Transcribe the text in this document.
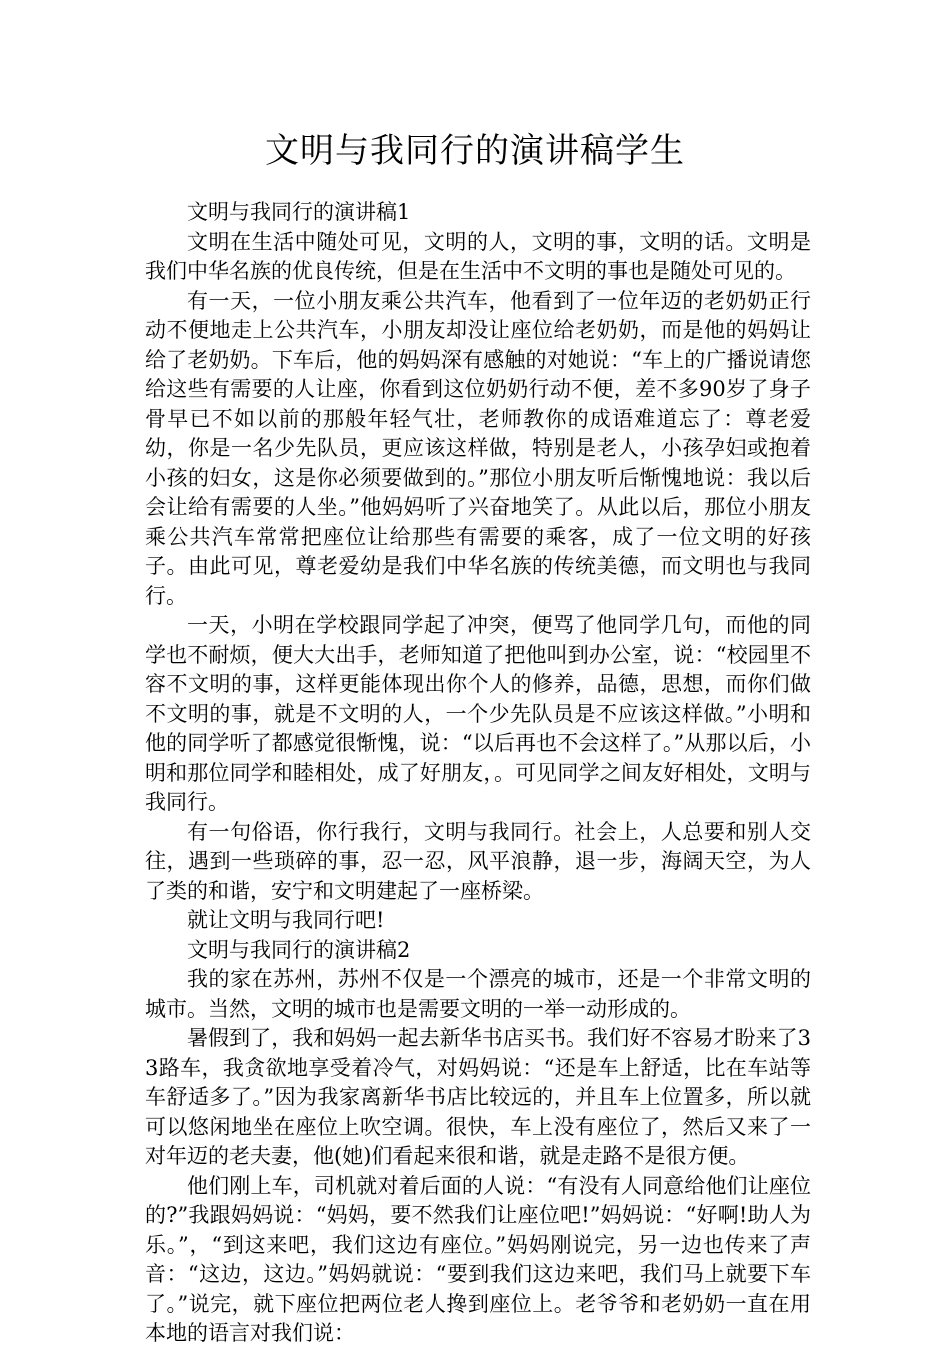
文明与我同行的演讲稿学生

文明与我同行的演讲稿1

文明在生活中随处可见，文明的人，文明的事，文明的话。文明是我们中华名族的优良传统，但是在生活中不文明的事也是随处可见的。

有一天，一位小朋友乘公共汽车，他看到了一位年迈的老奶奶正行动不便地走上公共汽车，小朋友却没让座位给老奶奶，而是他的妈妈让给了老奶奶。下车后，他的妈妈深有感触的对她说：“车上的广播说请您给这些有需要的人让座，你看到这位奶奶行动不便，差不多90岁了身子骨早已不如以前的那般年轻气壮，老师教你的成语难道忘了：尊老爱幼，你是一名少先队员，更应该这样做，特别是老人，小孩孕妇或抱着小孩的妇女，这是你必须要做到的。”那位小朋友听后惭愧地说：我以后会让给有需要的人坐。”他妈妈听了兴奋地笑了。从此以后，那位小朋友乘公共汽车常常把座位让给那些有需要的乘客，成了一位文明的好孩子。由此可见，尊老爱幼是我们中华名族的传统美德，而文明也与我同行。

一天，小明在学校跟同学起了冲突，便骂了他同学几句，而他的同学也不耐烦，便大大出手，老师知道了把他叫到办公室，说：“校园里不容不文明的事，这样更能体现出你个人的修养，品德，思想，而你们做不文明的事，就是不文明的人，一个少先队员是不应该这样做。”小明和他的同学听了都感觉很惭愧，说：“以后再也不会这样了。”从那以后，小明和那位同学和睦相处，成了好朋友，。可见同学之间友好相处，文明与我同行。

有一句俗语，你行我行，文明与我同行。社会上，人总要和别人交往，遇到一些琐碎的事，忍一忍，风平浪静，退一步，海阔天空，为人了类的和谐，安宁和文明建起了一座桥梁。

就让文明与我同行吧!

文明与我同行的演讲稿2

我的家在苏州，苏州不仅是一个漂亮的城市，还是一个非常文明的城市。当然，文明的城市也是需要文明的一举一动形成的。

暑假到了，我和妈妈一起去新华书店买书。我们好不容易才盼来了33路车，我贪欲地享受着冷气，对妈妈说：“还是车上舒适，比在车站等车舒适多了。”因为我家离新华书店比较远的，并且车上位置多，所以就可以悠闲地坐在座位上吹空调。很快，车上没有座位了，然后又来了一对年迈的老夫妻，他(她)们看起来很和谐，就是走路不是很方便。

他们刚上车，司机就对着后面的人说：“有没有人同意给他们让座位的?”我跟妈妈说：“妈妈，要不然我们让座位吧!”妈妈说：“好啊!助人为乐。”，“到这来吧，我们这边有座位。”妈妈刚说完，另一边也传来了声音：“这边，这边。”妈妈就说：“要到我们这边来吧，我们马上就要下车了。”说完，就下座位把两位老人搀到座位上。老爷爷和老奶奶一直在用本地的语言对我们说：
